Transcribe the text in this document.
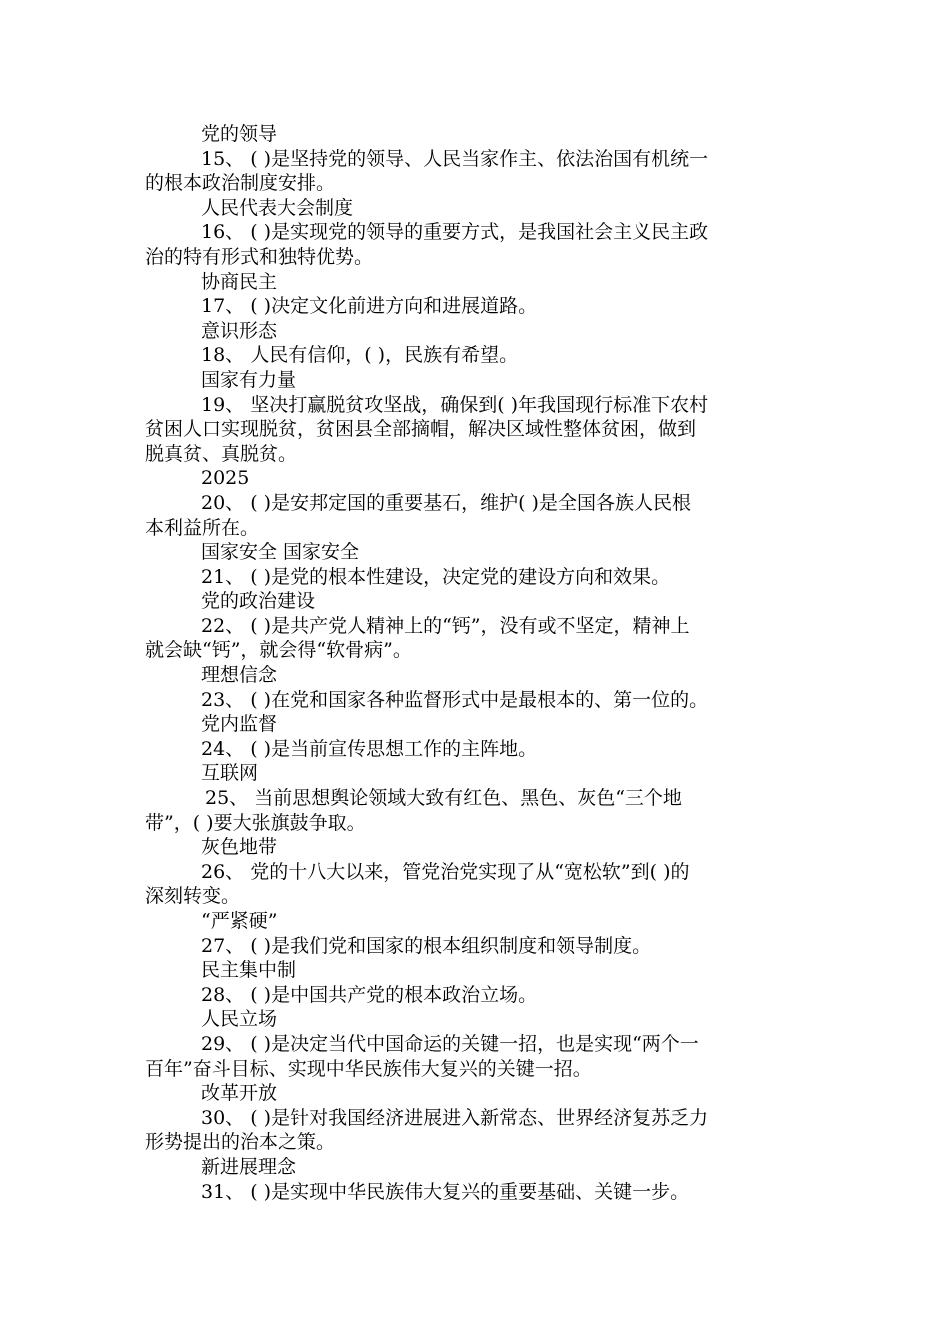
党的领导
15、 ( )是坚持党的领导、人民当家作主、依法治国有机统一
的根本政治制度安排。
人民代表大会制度
16、 ( )是实现党的领导的重要方式，是我国社会主义民主政
治的特有形式和独特优势。
协商民主
17、 ( )决定文化前进方向和进展道路。
意识形态
18、 人民有信仰，( )，民族有希望。
国家有力量
19、 坚决打赢脱贫攻坚战，确保到( )年我国现行标准下农村
贫困人口实现脱贫，贫困县全部摘帽，解决区域性整体贫困，做到
脱真贫、真脱贫。
2025
20、 ( )是安邦定国的重要基石，维护( )是全国各族人民根
本利益所在。
国家安全 国家安全
21、 ( )是党的根本性建设，决定党的建设方向和效果。
党的政治建设
22、 ( )是共产党人精神上的“钙”，没有或不坚定，精神上
就会缺“钙”，就会得“软骨病”。
理想信念
23、 ( )在党和国家各种监督形式中是最根本的、第一位的。
党内监督
24、 ( )是当前宣传思想工作的主阵地。
互联网
25、 当前思想舆论领域大致有红色、黑色、灰色“三个地
带”，( )要大张旗鼓争取。
灰色地带
26、 党的十八大以来，管党治党实现了从“宽松软”到( )的
深刻转变。
“严紧硬”
27、 ( )是我们党和国家的根本组织制度和领导制度。
民主集中制
28、 ( )是中国共产党的根本政治立场。
人民立场
29、 ( )是决定当代中国命运的关键一招，也是实现“两个一
百年”奋斗目标、实现中华民族伟大复兴的关键一招。
改革开放
30、 ( )是针对我国经济进展进入新常态、世界经济复苏乏力
形势提出的治本之策。
新进展理念
31、 ( )是实现中华民族伟大复兴的重要基础、关键一步。
